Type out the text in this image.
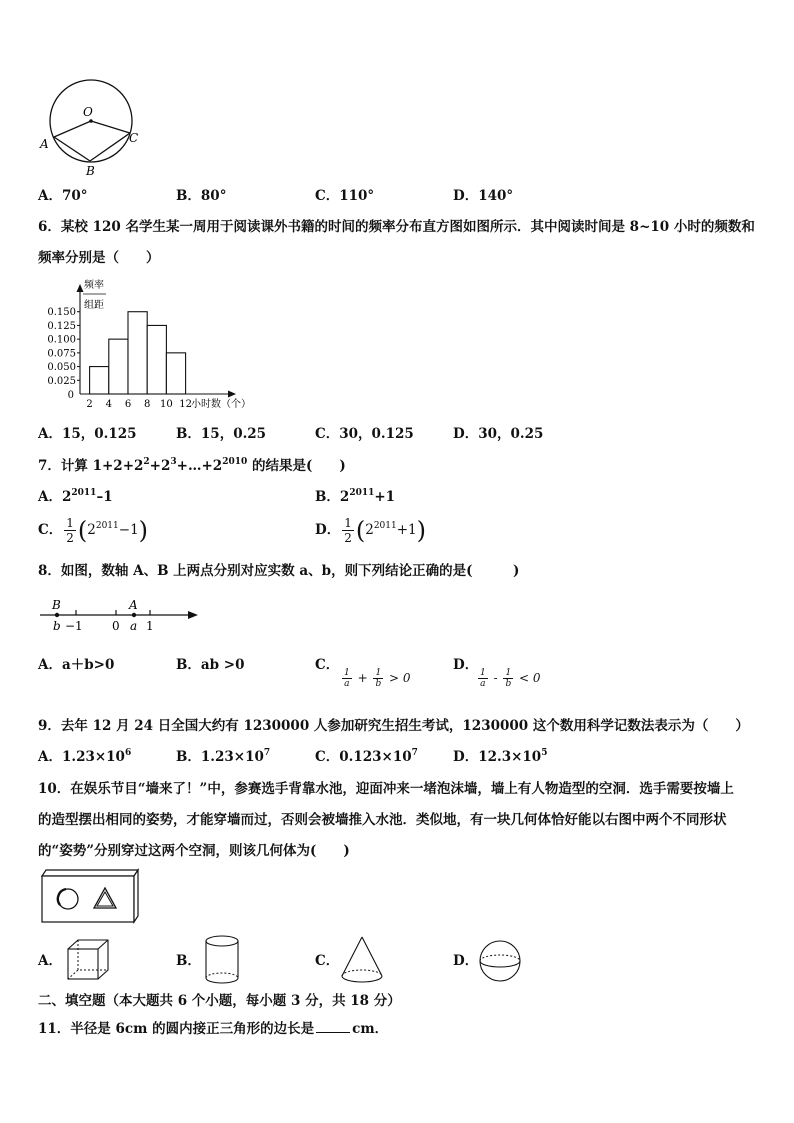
O
A
B
C
A．70°	B．80°	C．110°	D．140°
6．某校 120 名学生某一周用于阅读课外书籍的时间的频率分布直方图如图所示．其中阅读时间是 8~10 小时的频数和
频率分别是（　　）
频率
组距
0.150
0.125
0.100
0.075
0.050
0.025
0
2 4 6 8 10 12 小时数（个）
A．15，0.125	B．15，0.25	C．30，0.125	D．30，0.25
7．计算 $1+2+2^2+2^3+\dots+2^{2010}$ 的结果是(　　)
A．$2^{2011}-1$	B．$2^{2011}+1$
C． $\frac{1}{2} (2^{2011}-1)$	D． $\frac{1}{2} (2^{2011}+1)$
8．如图，数轴 A、B 上两点分别对应实数 a、b，则下列结论正确的是(　　　)
B	A
b −1 0 a 1
A．a＋b>0	B．ab >0	C．
$\frac{1}{a} + \frac{1}{b} > 0$
D．
$\frac{1}{a} - \frac{1}{b} < 0$
9．去年 12 月 24 日全国大约有 1230000 人参加研究生招生考试，1230000 这个数用科学记数法表示为（　　）
A．$1.23\times 10^6$	B．$1.23\times 10^7$	C．$0.123\times 10^7$	D．$12.3\times 10^5$
10．在娱乐节目“墙来了！”中，参赛选手背靠水池，迎面冲来一堵泡沫墙，墙上有人物造型的空洞．选手需要按墙上
的造型摆出相同的姿势，才能穿墙而过，否则会被墙推入水池．类似地，有一块几何体恰好能以右图中两个不同形状
的“姿势”分别穿过这两个空洞，则该几何体为(　　)
A．	B．	C．	D．
二、填空题（本大题共 6 个小题，每小题 3 分，共 18 分）
11．半径是 6cm 的圆内接正三角形的边长是	cm．
